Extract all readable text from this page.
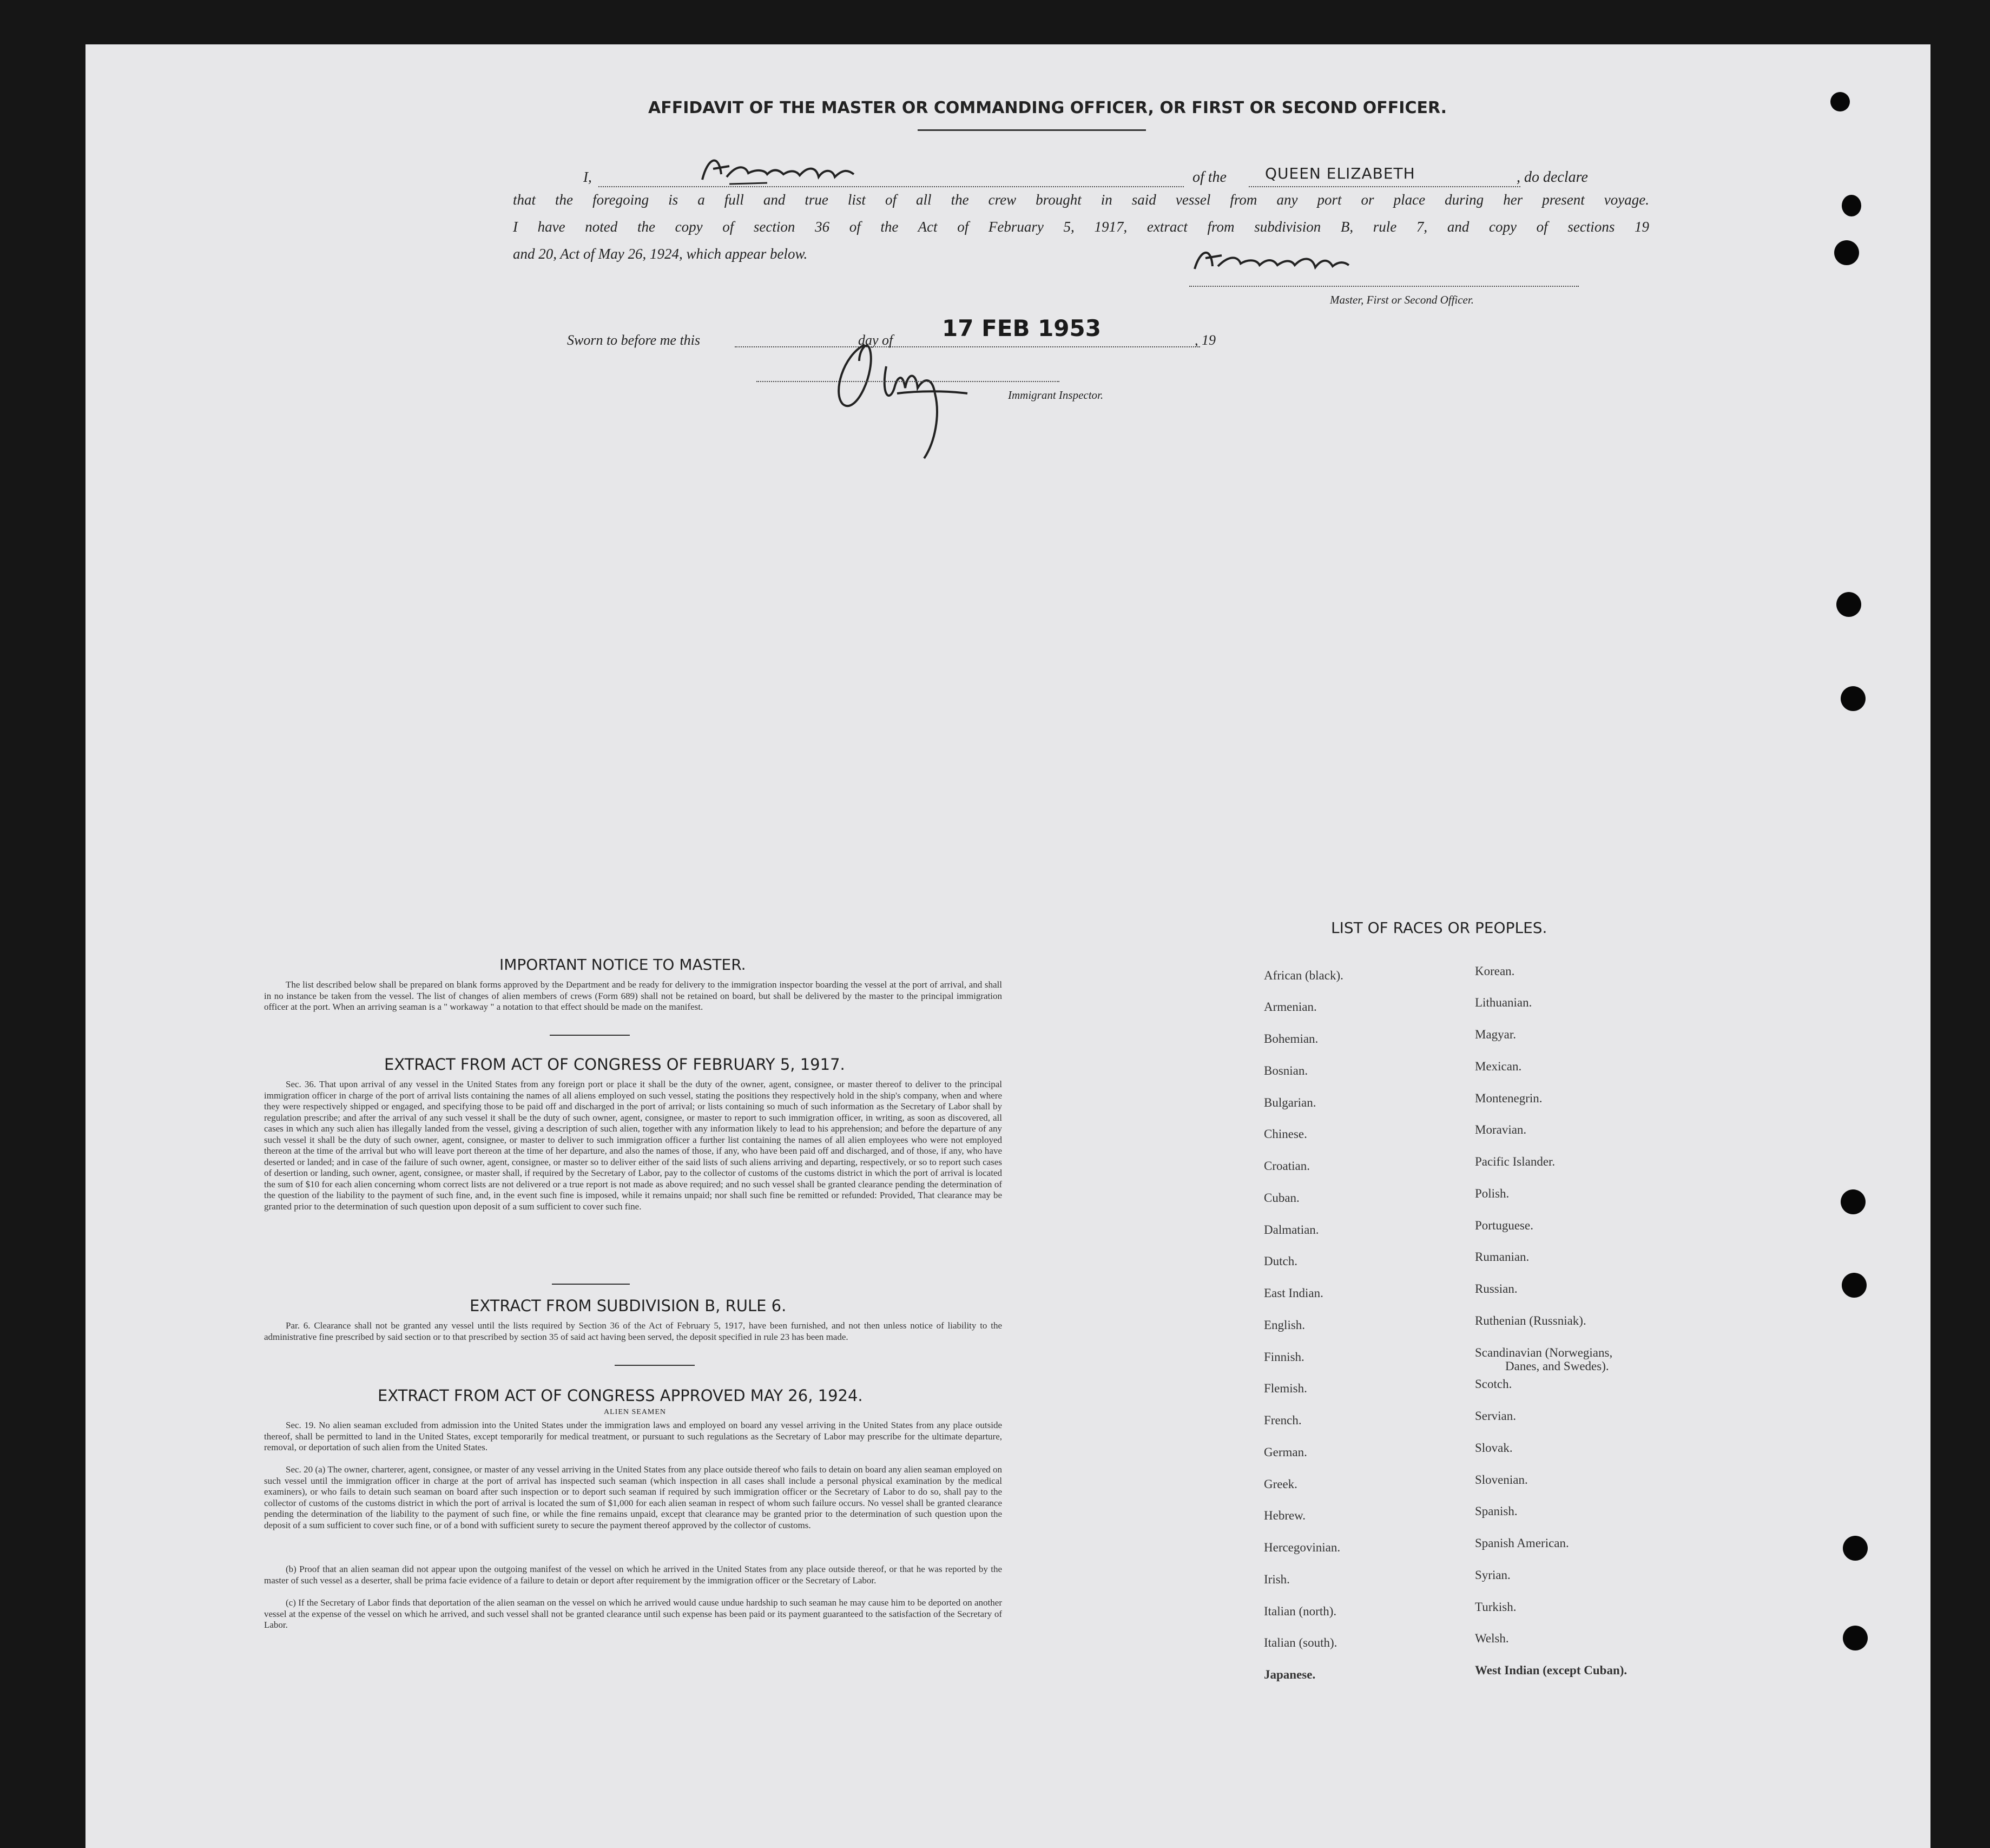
AFFIDAVIT OF THE MASTER OR COMMANDING OFFICER, OR FIRST OR SECOND OFFICER.
I,	of the	QUEEN ELIZABETH	, do declare
that the foregoing is a full and true list of all the crew brought in said vessel from any port or place during her present voyage.
I have noted the copy of section 36 of the Act of February 5, 1917, extract from subdivision B, rule 7, and copy of sections 19
and 20, Act of May 26, 1924, which appear below.
Master, First or Second Officer.
Sworn to before me this	day of 17 FEB 1953	, 19
Immigrant Inspector.
IMPORTANT NOTICE TO MASTER.
The list described below shall be prepared on blank forms approved by the Department and be ready for delivery to the immigration inspector boarding the vessel at the port of arrival, and shall in no instance be taken from the vessel. The list of changes of alien members of crews (Form 689) shall not be retained on board, but shall be delivered by the master to the principal immigration officer at the port. When an arriving seaman is a " workaway " a notation to that effect should be made on the manifest.
EXTRACT FROM ACT OF CONGRESS OF FEBRUARY 5, 1917.
Sec. 36. That upon arrival of any vessel in the United States from any foreign port or place it shall be the duty of the owner, agent, consignee, or master thereof to deliver to the principal immigration officer in charge of the port of arrival lists containing the names of all aliens employed on such vessel, stating the positions they respectively hold in the ship's company, when and where they were respectively shipped or engaged, and specifying those to be paid off and discharged in the port of arrival; or lists containing so much of such information as the Secretary of Labor shall by regulation prescribe; and after the arrival of any such vessel it shall be the duty of such owner, agent, consignee, or master to report to such immigration officer, in writing, as soon as discovered, all cases in which any such alien has illegally landed from the vessel, giving a description of such alien, together with any information likely to lead to his apprehension; and before the departure of any such vessel it shall be the duty of such owner, agent, consignee, or master to deliver to such immigration officer a further list containing the names of all alien employees who were not employed thereon at the time of the arrival but who will leave port thereon at the time of her departure, and also the names of those, if any, who have been paid off and discharged, and of those, if any, who have deserted or landed; and in case of the failure of such owner, agent, consignee, or master so to deliver either of the said lists of such aliens arriving and departing, respectively, or so to report such cases of desertion or landing, such owner, agent, consignee, or master shall, if required by the Secretary of Labor, pay to the collector of customs of the customs district in which the port of arrival is located the sum of $10 for each alien concerning whom correct lists are not delivered or a true report is not made as above required; and no such vessel shall be granted clearance pending the determination of the question of the liability to the payment of such fine, and, in the event such fine is imposed, while it remains unpaid; nor shall such fine be remitted or refunded: Provided, That clearance may be granted prior to the determination of such question upon deposit of a sum sufficient to cover such fine.
EXTRACT FROM SUBDIVISION B, RULE 6.
Par. 6. Clearance shall not be granted any vessel until the lists required by Section 36 of the Act of February 5, 1917, have been furnished, and not then unless notice of liability to the administrative fine prescribed by said section or to that prescribed by section 35 of said act having been served, the deposit specified in rule 23 has been made.
EXTRACT FROM ACT OF CONGRESS APPROVED MAY 26, 1924.
ALIEN SEAMEN
Sec. 19. No alien seaman excluded from admission into the United States under the immigration laws and employed on board any vessel arriving in the United States from any place outside thereof, shall be permitted to land in the United States, except temporarily for medical treatment, or pursuant to such regulations as the Secretary of Labor may prescribe for the ultimate departure, removal, or deportation of such alien from the United States.
Sec. 20 (a) The owner, charterer, agent, consignee, or master of any vessel arriving in the United States from any place outside thereof who fails to detain on board any alien seaman employed on such vessel until the immigration officer in charge at the port of arrival has inspected such seaman (which inspection in all cases shall include a personal physical examination by the medical examiners), or who fails to detain such seaman on board after such inspection or to deport such seaman if required by such immigration officer or the Secretary of Labor to do so, shall pay to the collector of customs of the customs district in which the port of arrival is located the sum of $1,000 for each alien seaman in respect of whom such failure occurs. No vessel shall be granted clearance pending the determination of the liability to the payment of such fine, or while the fine remains unpaid, except that clearance may be granted prior to the determination of such question upon the deposit of a sum sufficient to cover such fine, or of a bond with sufficient surety to secure the payment thereof approved by the collector of customs.
(b) Proof that an alien seaman did not appear upon the outgoing manifest of the vessel on which he arrived in the United States from any place outside thereof, or that he was reported by the master of such vessel as a deserter, shall be prima facie evidence of a failure to detain or deport after requirement by the immigration officer or the Secretary of Labor.
(c) If the Secretary of Labor finds that deportation of the alien seaman on the vessel on which he arrived would cause undue hardship to such seaman he may cause him to be deported on another vessel at the expense of the vessel on which he arrived, and such vessel shall not be granted clearance until such expense has been paid or its payment guaranteed to the satisfaction of the Secretary of Labor.
LIST OF RACES OR PEOPLES.
African (black).
Armenian.
Bohemian.
Bosnian.
Bulgarian.
Chinese.
Croatian.
Cuban.
Dalmatian.
Dutch.
East Indian.
English.
Finnish.
Flemish.
French.
German.
Greek.
Hebrew.
Hercegovinian.
Irish.
Italian (north).
Italian (south).
Japanese.
Korean.
Lithuanian.
Magyar.
Mexican.
Montenegrin.
Moravian.
Pacific Islander.
Polish.
Portuguese.
Rumanian.
Russian.
Ruthenian (Russniak).
Scandinavian (Norwegians,
Danes, and Swedes).
Scotch.
Servian.
Slovak.
Slovenian.
Spanish.
Spanish American.
Syrian.
Turkish.
Welsh.
West Indian (except Cuban).
